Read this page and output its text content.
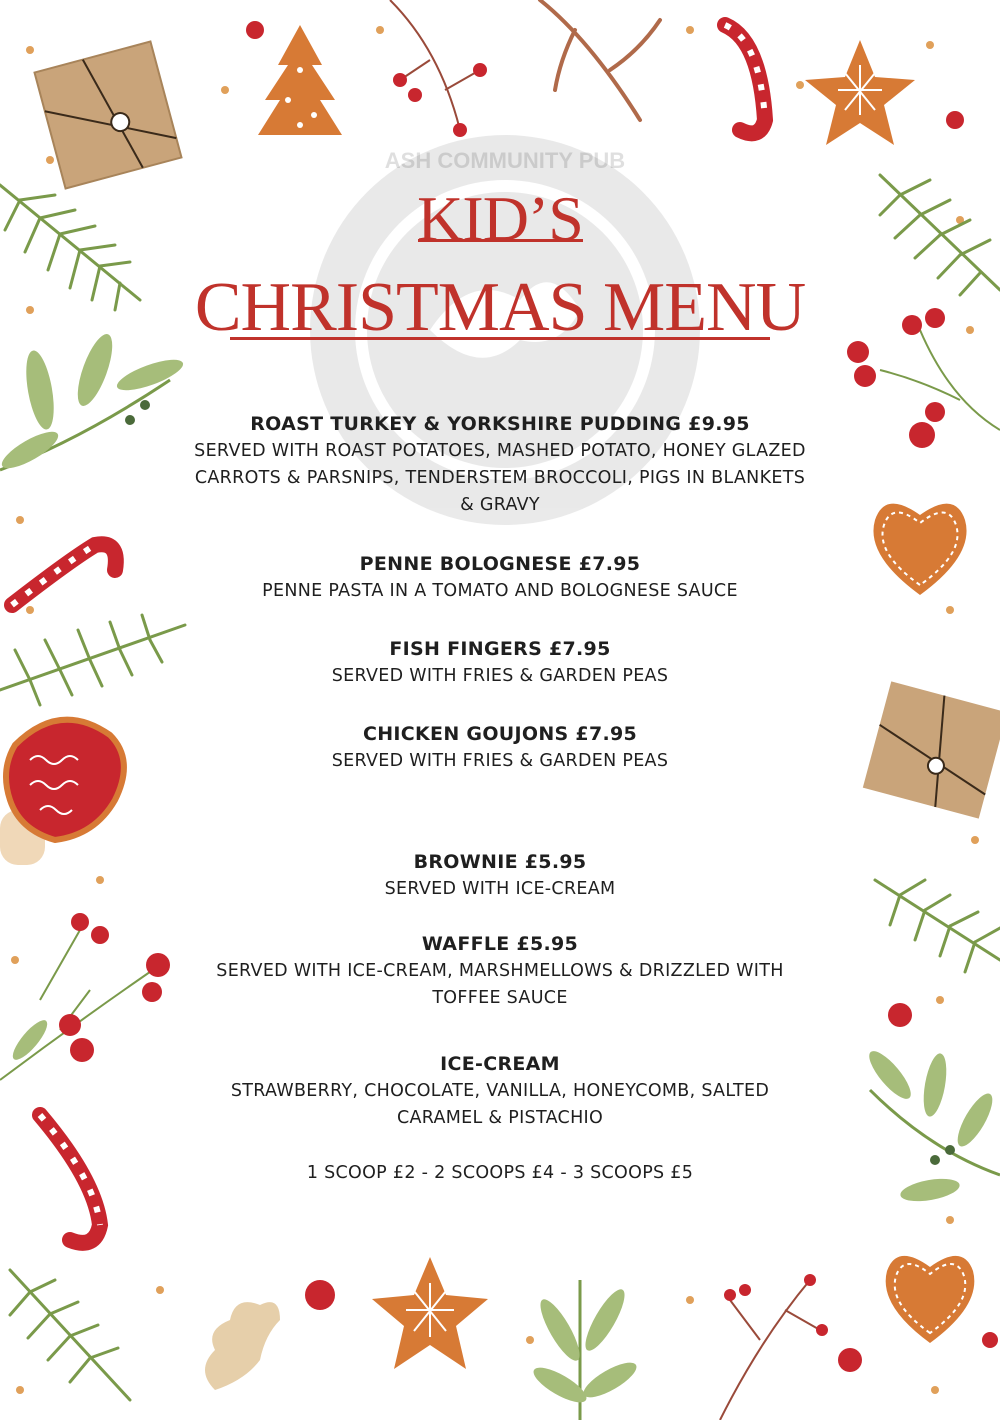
ASH COMMUNITY PUB
KID’S
CHRISTMAS MENU
ROAST TURKEY & YORKSHIRE PUDDING £9.95
SERVED WITH ROAST POTATOES, MASHED POTATO, HONEY GLAZED
CARROTS & PARSNIPS, TENDERSTEM BROCCOLI, PIGS IN BLANKETS
& GRAVY
PENNE BOLOGNESE £7.95
PENNE PASTA IN A TOMATO AND BOLOGNESE SAUCE
FISH FINGERS £7.95
SERVED WITH FRIES & GARDEN PEAS
CHICKEN GOUJONS £7.95
SERVED WITH FRIES & GARDEN PEAS
BROWNIE £5.95
SERVED WITH ICE-CREAM
WAFFLE £5.95
SERVED WITH ICE-CREAM, MARSHMELLOWS & DRIZZLED WITH
TOFFEE SAUCE
ICE-CREAM
STRAWBERRY, CHOCOLATE, VANILLA, HONEYCOMB, SALTED
CARAMEL & PISTACHIO
1 SCOOP £2 - 2 SCOOPS £4 - 3 SCOOPS £5
